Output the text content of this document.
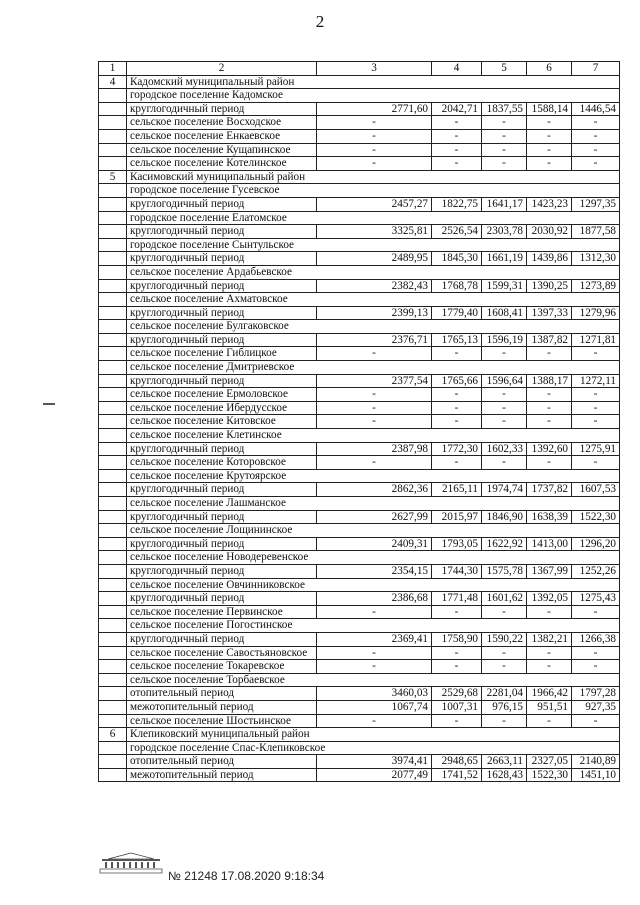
2
1	2	3	4	5	6	7
4	Кадомский муниципальный район					
	городское поселение Кадомское					
	круглогодичный период	2771,60	2042,71	1837,55	1588,14	1446,54
	сельское поселение Восходское	-	-	-	-	-
	сельское поселение Енкаевское	-	-	-	-	-
	сельское поселение Кущапинское	-	-	-	-	-
	сельское поселение Котелинское	-	-	-	-	-
5	Касимовский муниципальный район					
	городское поселение Гусевское					
	круглогодичный период	2457,27	1822,75	1641,17	1423,23	1297,35
	городское поселение Елатомское					
	круглогодичный период	3325,81	2526,54	2303,78	2030,92	1877,58
	городское поселение Сынтульское					
	круглогодичный период	2489,95	1845,30	1661,19	1439,86	1312,30
	сельское поселение Ардабьевское					
	круглогодичный период	2382,43	1768,78	1599,31	1390,25	1273,89
	сельское поселение Ахматовское					
	круглогодичный период	2399,13	1779,40	1608,41	1397,33	1279,96
	сельское поселение Булгаковское					
	круглогодичный период	2376,71	1765,13	1596,19	1387,82	1271,81
	сельское поселение Гиблицкое	-	-	-	-	-
	сельское поселение Дмитриевское					
	круглогодичный период	2377,54	1765,66	1596,64	1388,17	1272,11
	сельское поселение Ермоловское	-	-	-	-	-
	сельское поселение Ибердусское	-	-	-	-	-
	сельское поселение Китовское	-	-	-	-	-
	сельское поселение Клетинское					
	круглогодичный период	2387,98	1772,30	1602,33	1392,60	1275,91
	сельское поселение Которовское	-	-	-	-	-
	сельское поселение Крутоярское					
	круглогодичный период	2862,36	2165,11	1974,74	1737,82	1607,53
	сельское поселение Лашманское					
	круглогодичный период	2627,99	2015,97	1846,90	1638,39	1522,30
	сельское поселение Лощининское					
	круглогодичный период	2409,31	1793,05	1622,92	1413,00	1296,20
	сельское поселение Новодеревенское					
	круглогодичный период	2354,15	1744,30	1575,78	1367,99	1252,26
	сельское поселение Овчинниковское					
	круглогодичный период	2386,68	1771,48	1601,62	1392,05	1275,43
	сельское поселение Первинское	-	-	-	-	-
	сельское поселение Погостинское					
	круглогодичный период	2369,41	1758,90	1590,22	1382,21	1266,38
	сельское поселение Савостьяновское	-	-	-	-	-
	сельское поселение Токаревское	-	-	-	-	-
	сельское поселение Торбаевское					
	отопительный период	3460,03	2529,68	2281,04	1966,42	1797,28
	межотопительный период	1067,74	1007,31	976,15	951,51	927,35
	сельское поселение Шостьинское	-	-	-	-	-
6	Клепиковский муниципальный район					
	городское поселение Спас-Клепиковское					
	отопительный период	3974,41	2948,65	2663,11	2327,05	2140,89
	межотопительный период	2077,49	1741,52	1628,43	1522,30	1451,10
№ 21248 17.08.2020 9:18:34
